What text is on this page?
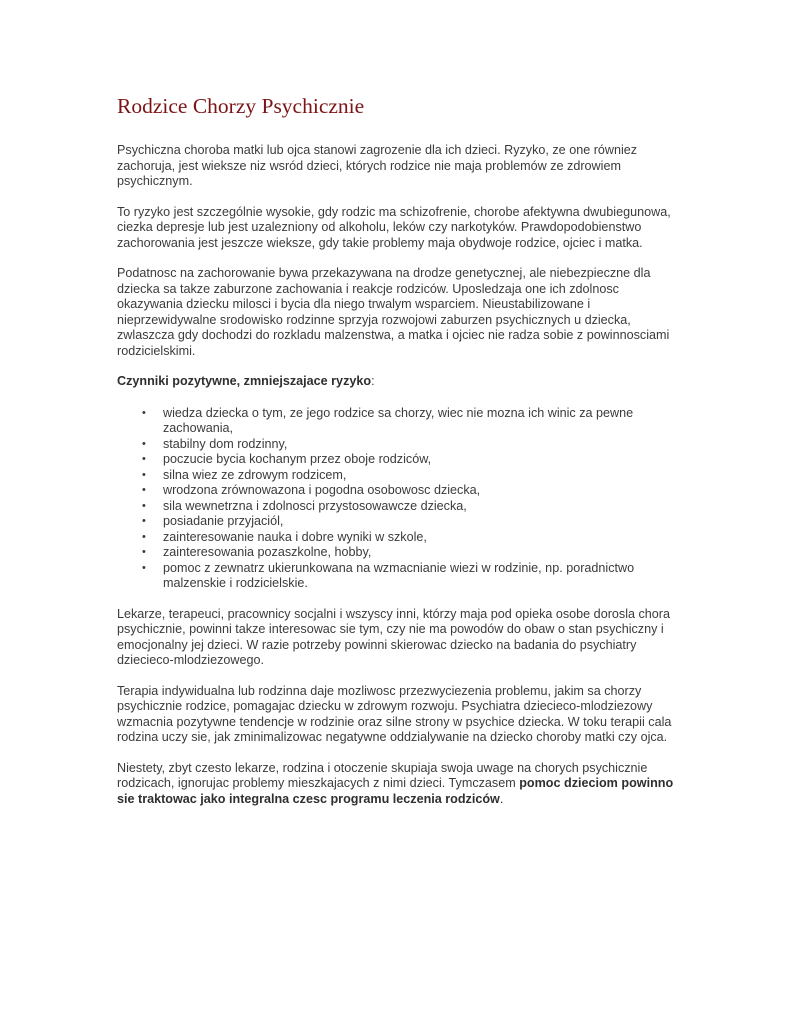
Rodzice Chorzy Psychicznie

Psychiczna choroba matki lub ojca stanowi zagrozenie dla ich dzieci. Ryzyko, ze one równiez zachoruja, jest wieksze niz wsród dzieci, których rodzice nie maja problemów ze zdrowiem psychicznym.

To ryzyko jest szczególnie wysokie, gdy rodzic ma schizofrenie, chorobe afektywna dwubiegunowa, ciezka depresje lub jest uzalezniony od alkoholu, leków czy narkotyków. Prawdopodobienstwo zachorowania jest jeszcze wieksze, gdy takie problemy maja obydwoje rodzice, ojciec i matka.

Podatnosc na zachorowanie bywa przekazywana na drodze genetycznej, ale niebezpieczne dla dziecka sa takze zaburzone zachowania i reakcje rodziców. Uposledzaja one ich zdolnosc okazywania dziecku milosci i bycia dla niego trwalym wsparciem. Nieustabilizowane i nieprzewidywalne srodowisko rodzinne sprzyja rozwojowi zaburzen psychicznych u dziecka, zwlaszcza gdy dochodzi do rozkladu malzenstwa, a matka i ojciec nie radza sobie z powinnosciami rodzicielskimi.

Czynniki pozytywne, zmniejszajace ryzyko:

• wiedza dziecka o tym, ze jego rodzice sa chorzy, wiec nie mozna ich winic za pewne zachowania,
• stabilny dom rodzinny,
• poczucie bycia kochanym przez oboje rodziców,
• silna wiez ze zdrowym rodzicem,
• wrodzona zrównowazona i pogodna osobowosc dziecka,
• sila wewnetrzna i zdolnosci przystosowawcze dziecka,
• posiadanie przyjaciól,
• zainteresowanie nauka i dobre wyniki w szkole,
• zainteresowania pozaszkolne, hobby,
• pomoc z zewnatrz ukierunkowana na wzmacnianie wiezi w rodzinie, np. poradnictwo malzenskie i rodzicielskie.

Lekarze, terapeuci, pracownicy socjalni i wszyscy inni, którzy maja pod opieka osobe dorosla chora psychicznie, powinni takze interesowac sie tym, czy nie ma powodów do obaw o stan psychiczny i emocjonalny jej dzieci. W razie potrzeby powinni skierowac dziecko na badania do psychiatry dziecieco-mlodziezowego.

Terapia indywidualna lub rodzinna daje mozliwosc przezwyciezenia problemu, jakim sa chorzy psychicznie rodzice, pomagajac dziecku w zdrowym rozwoju. Psychiatra dziecieco-mlodziezowy wzmacnia pozytywne tendencje w rodzinie oraz silne strony w psychice dziecka. W toku terapii cala rodzina uczy sie, jak zminimalizowac negatywne oddzialywanie na dziecko choroby matki czy ojca.

Niestety, zbyt czesto lekarze, rodzina i otoczenie skupiaja swoja uwage na chorych psychicznie rodzicach, ignorujac problemy mieszkajacych z nimi dzieci. Tymczasem pomoc dzieciom powinno sie traktowac jako integralna czesc programu leczenia rodziców.
